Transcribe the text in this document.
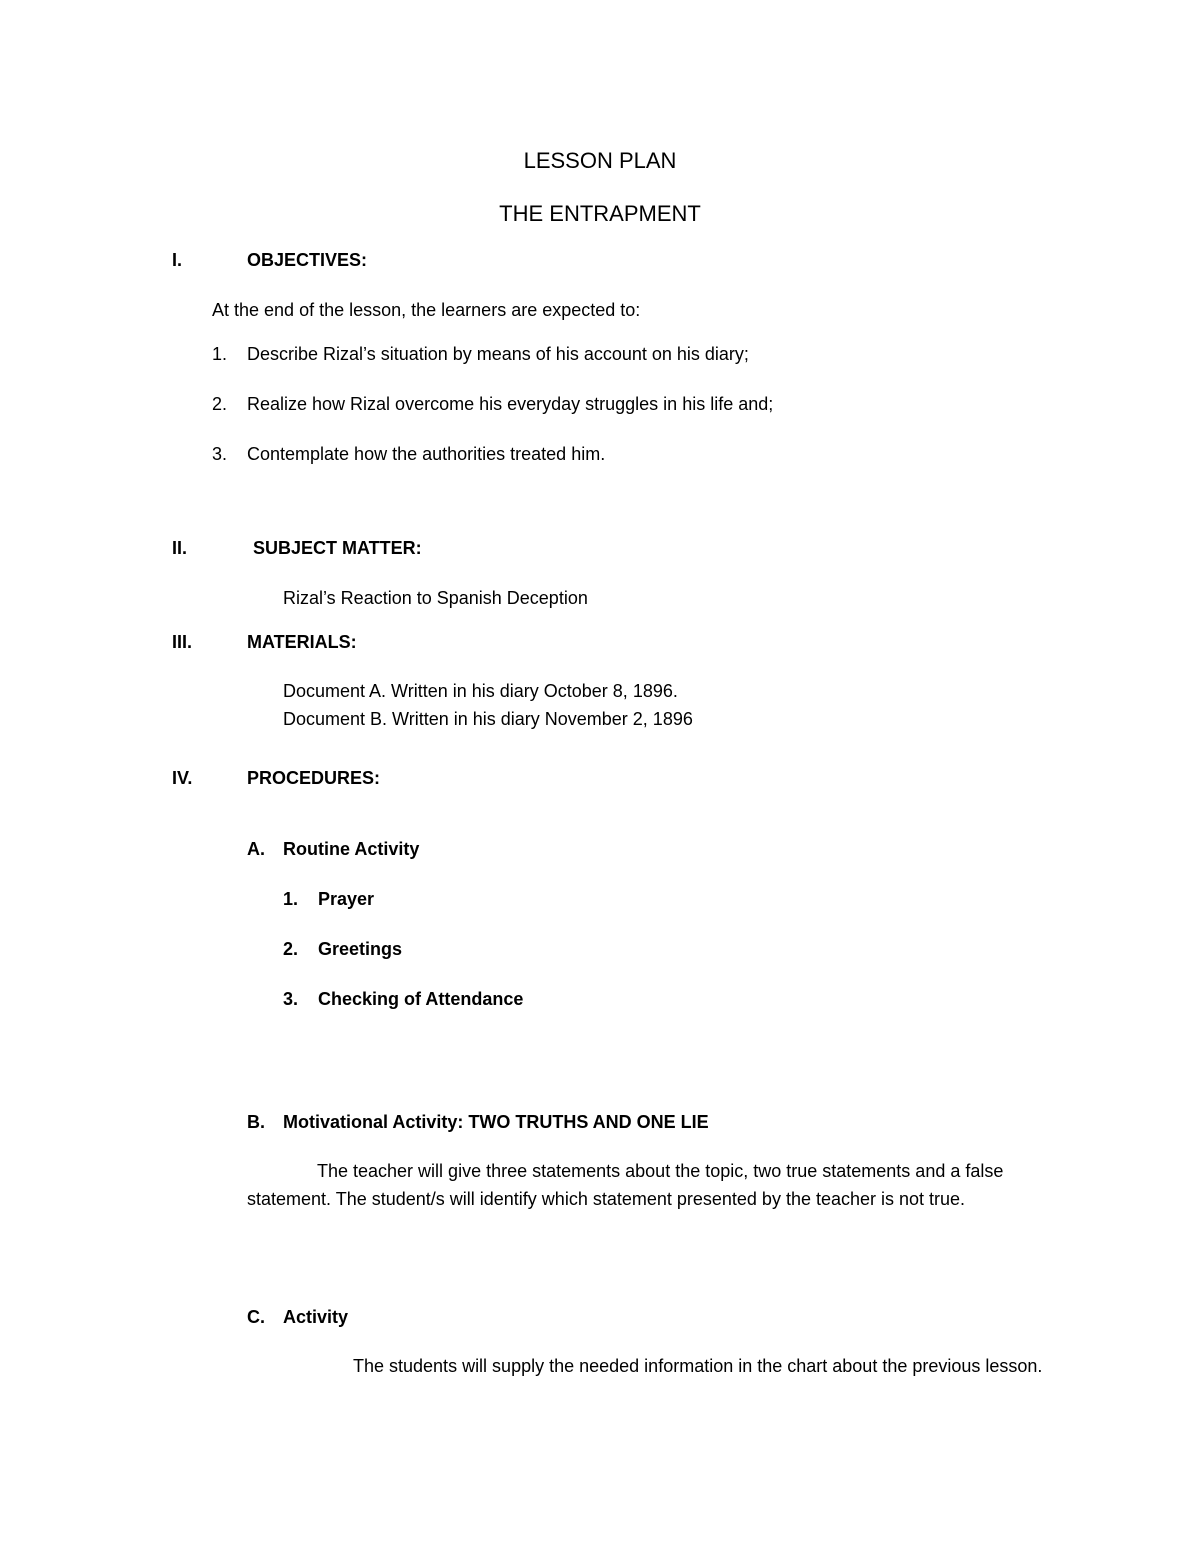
LESSON PLAN
THE ENTRAPMENT
I.	OBJECTIVES:
At the end of the lesson, the learners are expected to:
1. Describe Rizal’s situation by means of his account on his diary;
2. Realize how Rizal overcome his everyday struggles in his life and;
3. Contemplate how the authorities treated him.
II.	SUBJECT MATTER:
Rizal’s Reaction to Spanish Deception
III.	MATERIALS:
Document A. Written in his diary October 8, 1896.
Document B. Written in his diary November 2, 1896
IV.	PROCEDURES:
A. Routine Activity
1. Prayer
2. Greetings
3. Checking of Attendance
B. Motivational Activity: TWO TRUTHS AND ONE LIE
The teacher will give three statements about the topic, two true statements and a false statement. The student/s will identify which statement presented by the teacher is not true.
C. Activity
The students will supply the needed information in the chart about the previous lesson.
